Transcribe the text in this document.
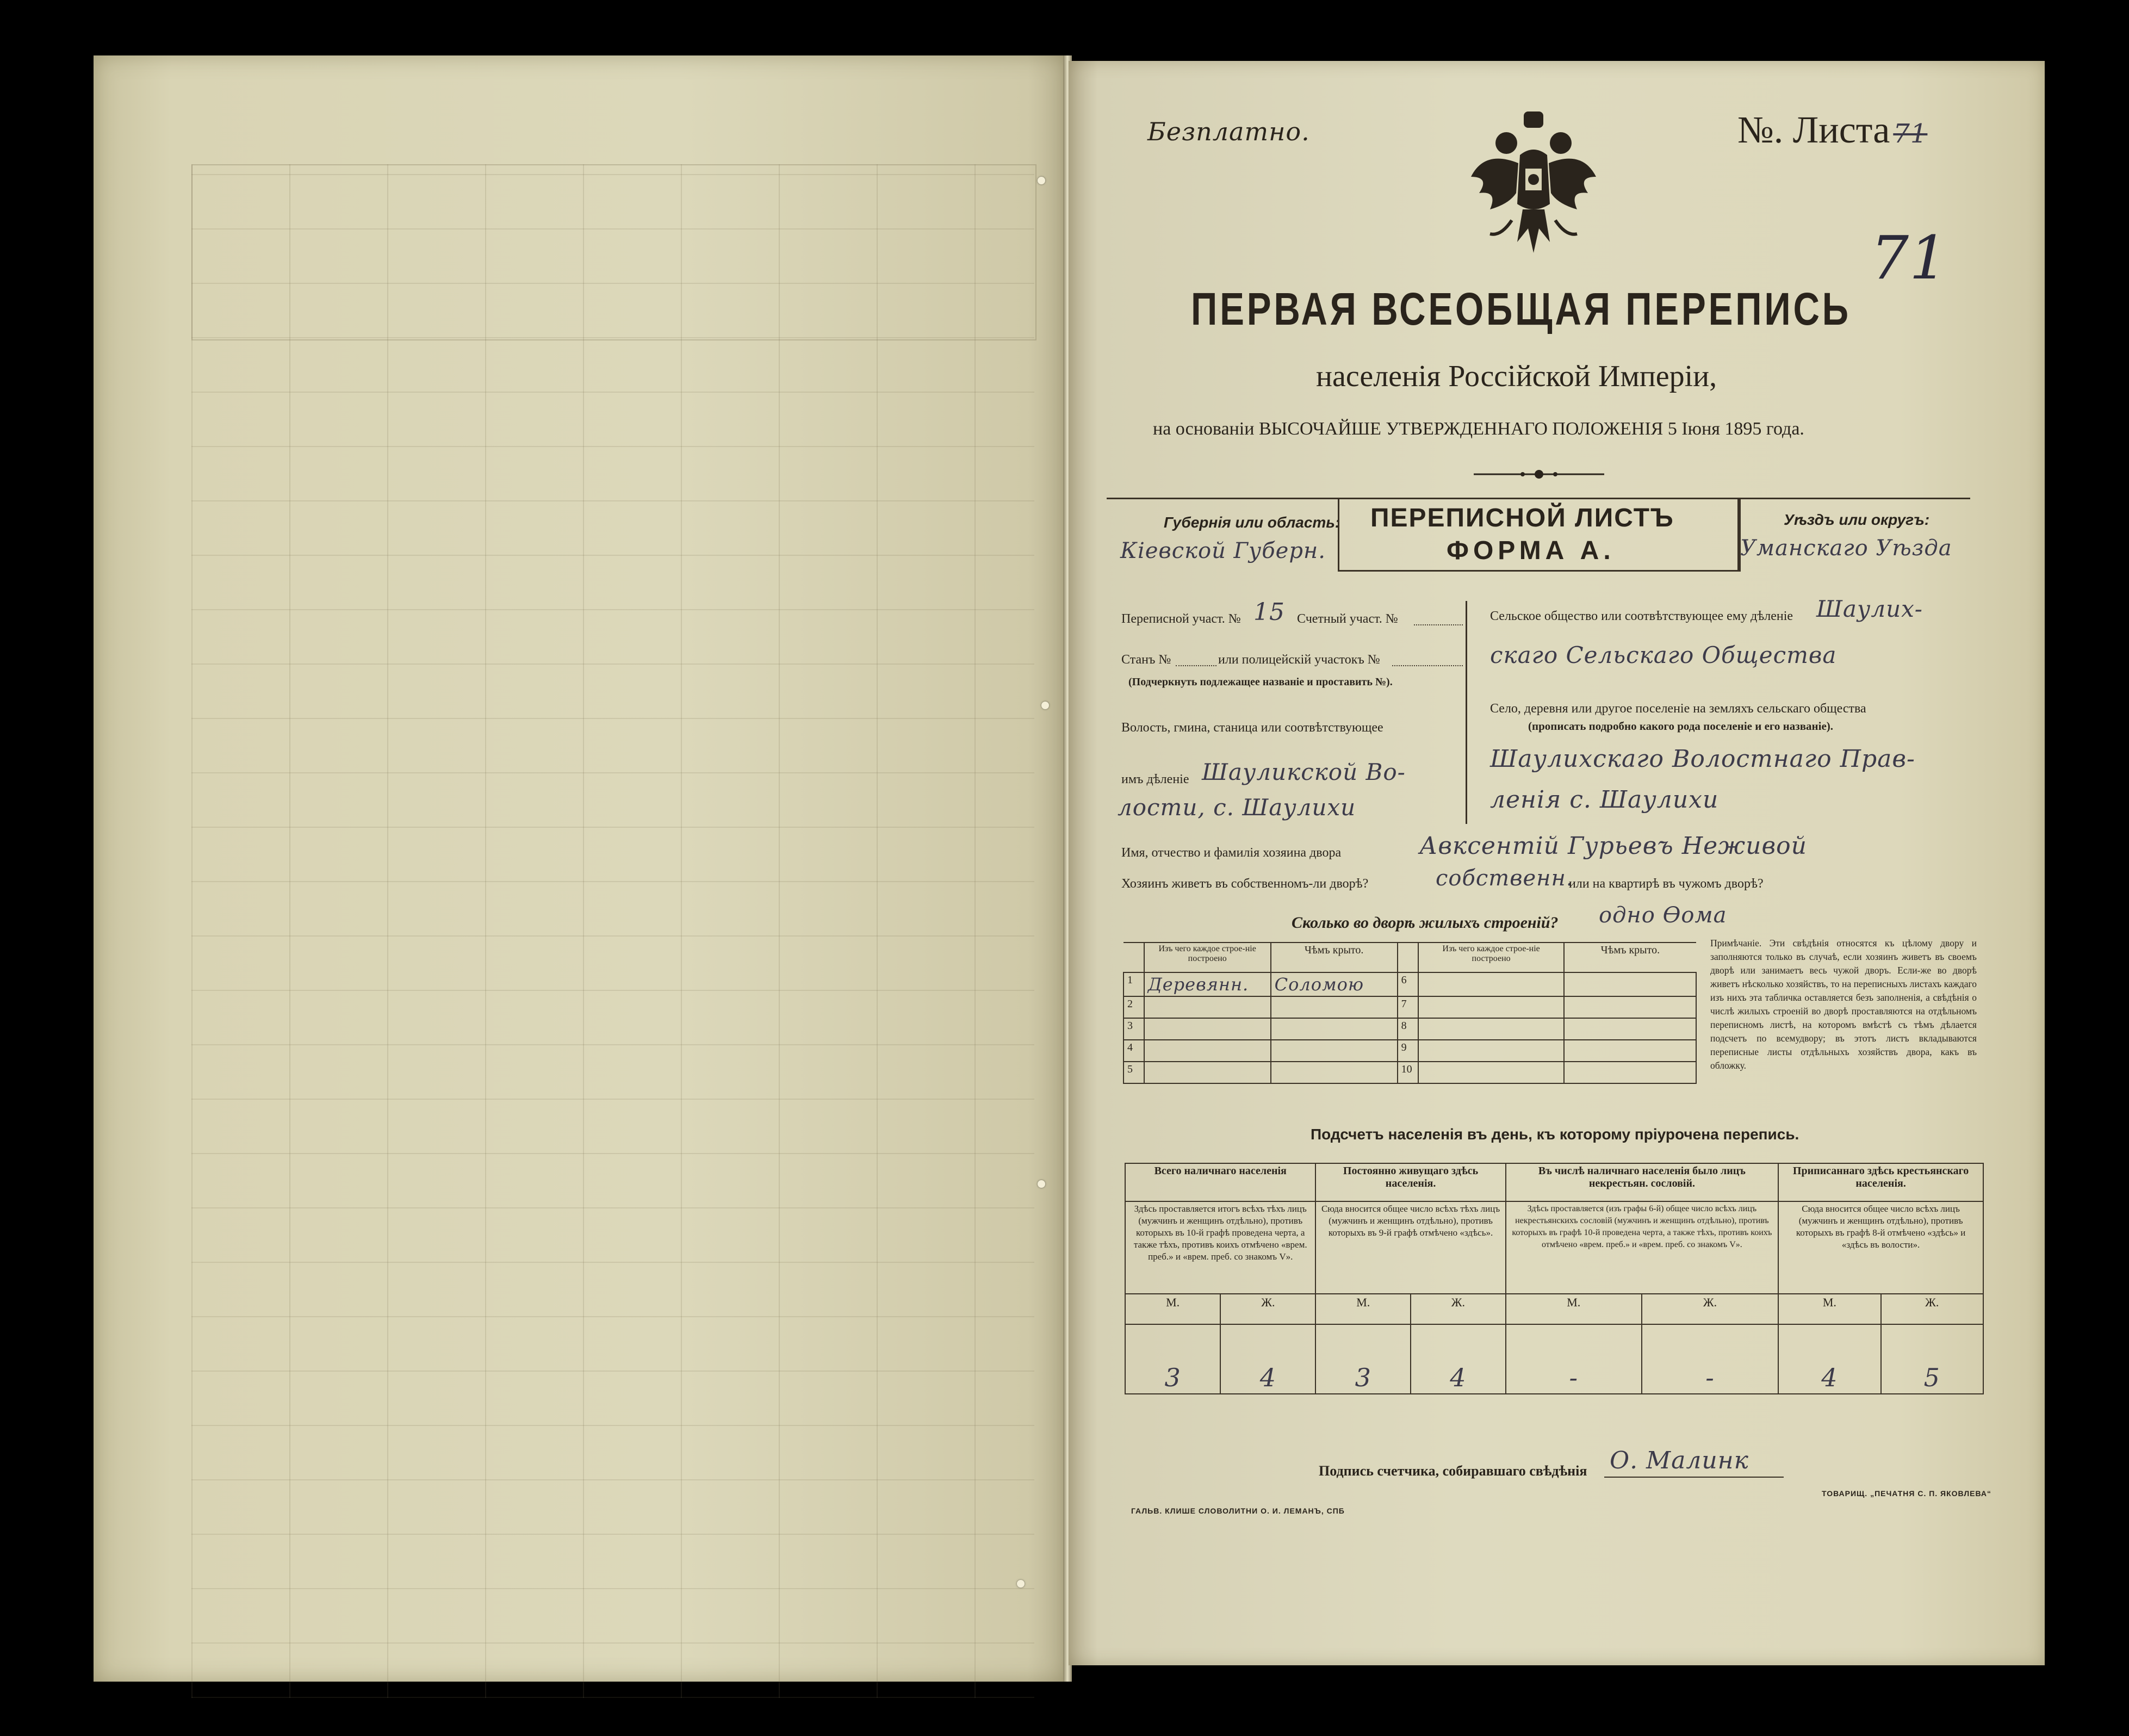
Безплатно.	№. Листа 71
71
ПЕРВАЯ ВСЕОБЩАЯ ПЕРЕПИСЬ
населенія Россійской Имперіи,
на основаніи ВЫСОЧАЙШЕ УТВЕРЖДЕННАГО ПОЛОЖЕНІЯ 5 Іюня 1895 года.
Губернія или область:
Кіевской Губерн.
ПЕРЕПИСНОЙ ЛИСТЪ
ФОРМА А.
Уѣздъ или округъ:
Уманскаго Уѣзда
Переписной участ. № 15 Счетный участ. №
Станъ №	или полицейскій участокъ №
(Подчеркнуть подлежащее названіе и проставить №).
Волость, гмина, станица или соотвѣтствующее
имъ дѣленіе Шауликской Во-
лости, с. Шаулихи
Сельское общество или соотвѣтствующее ему дѣленіе Шаулих-
скаго Сельскаго Общества
Село, деревня или другое поселеніе на земляхъ сельскаго общества
(прописать подробно какого рода поселеніе и его названіе).
Шаулихскаго Волостнаго Прав-
ленія с. Шаулихи
Имя, отчество и фамилія хозяина двора	Авксентій Гурьевъ Неживой
Хозяинъ живетъ въ собственномъ-ли дворѣ?	собственн.
или на квартирѣ въ чужомъ дворѣ?
Сколько во дворѣ жилыхъ строеній? одно Ѳома
	Изъ чего каждое строе-ніе построено	Чѣмъ крыто.		Изъ чего каждое строе-ніе построено	Чѣмъ крыто.
1	Деревянн.	Соломою	6		
2			7		
3			8		
4			9		
5			10		
Примѣчаніе. Эти свѣдѣнія относятся къ цѣлому двору и заполняются только въ случаѣ, если хозяинъ живетъ въ своемъ дворѣ или занимаетъ весь чужой дворъ. Если-же во дворѣ живетъ нѣсколько хозяйствъ, то на переписныхъ листахъ каждаго изъ нихъ эта табличка оставляется безъ заполненія, а свѣдѣнія о числѣ жилыхъ строеній во дворѣ проставляются на отдѣльномъ переписномъ листѣ, на которомъ вмѣстѣ съ тѣмъ дѣлается подсчетъ по всемудвору; въ этотъ листъ вкладываются переписные листы отдѣльныхъ хозяйствъ двора, какъ въ обложку.
Подсчетъ населенія въ день, къ которому пріурочена перепись.
Всего наличнаго населенія		Постоянно живущаго здѣсь населенія.		Въ числѣ наличнаго населенія было лицъ некрестьян. сословій.		Приписаннаго здѣсь крестьянскаго населенія.	
Здѣсь проставляется итогъ всѣхъ тѣхъ лицъ (мужчинъ и женщинъ отдѣльно), противъ которыхъ въ 10-й графѣ проведена черта, а также тѣхъ, противъ коихъ отмѣчено «врем. преб.» и «врем. преб. со знакомъ V».		Сюда вносится общее число всѣхъ тѣхъ лицъ (мужчинъ и женщинъ отдѣльно), противъ которыхъ въ 9-й графѣ отмѣчено «здѣсь».		Здѣсь проставляется (изъ графы 6-й) общее число всѣхъ лицъ некрестьянскихъ сословій (мужчинъ и женщинъ отдѣльно), противъ которыхъ въ графѣ 10-й проведена черта, а также тѣхъ, противъ коихъ отмѣчено «врем. преб.» и «врем. преб. со знакомъ V».		Сюда вносится общее число всѣхъ лицъ (мужчинъ и женщинъ отдѣльно), противъ которыхъ въ графѣ 8-й отмѣчено «здѣсь» и «здѣсь въ волости».	
М.	Ж.	М.	Ж.	М.	Ж.	М.	Ж.
3	4	3	4	-	-	4	5
Подпись счетчика, собиравшаго свѣдѣнія О. Малинк
ГАЛЬВ. КЛИШЕ СЛОВОЛИТНИ О. И. ЛЕМАНЪ, СПБ
ТОВАРИЩ. „ПЕЧАТНЯ С. П. ЯКОВЛЕВА“
